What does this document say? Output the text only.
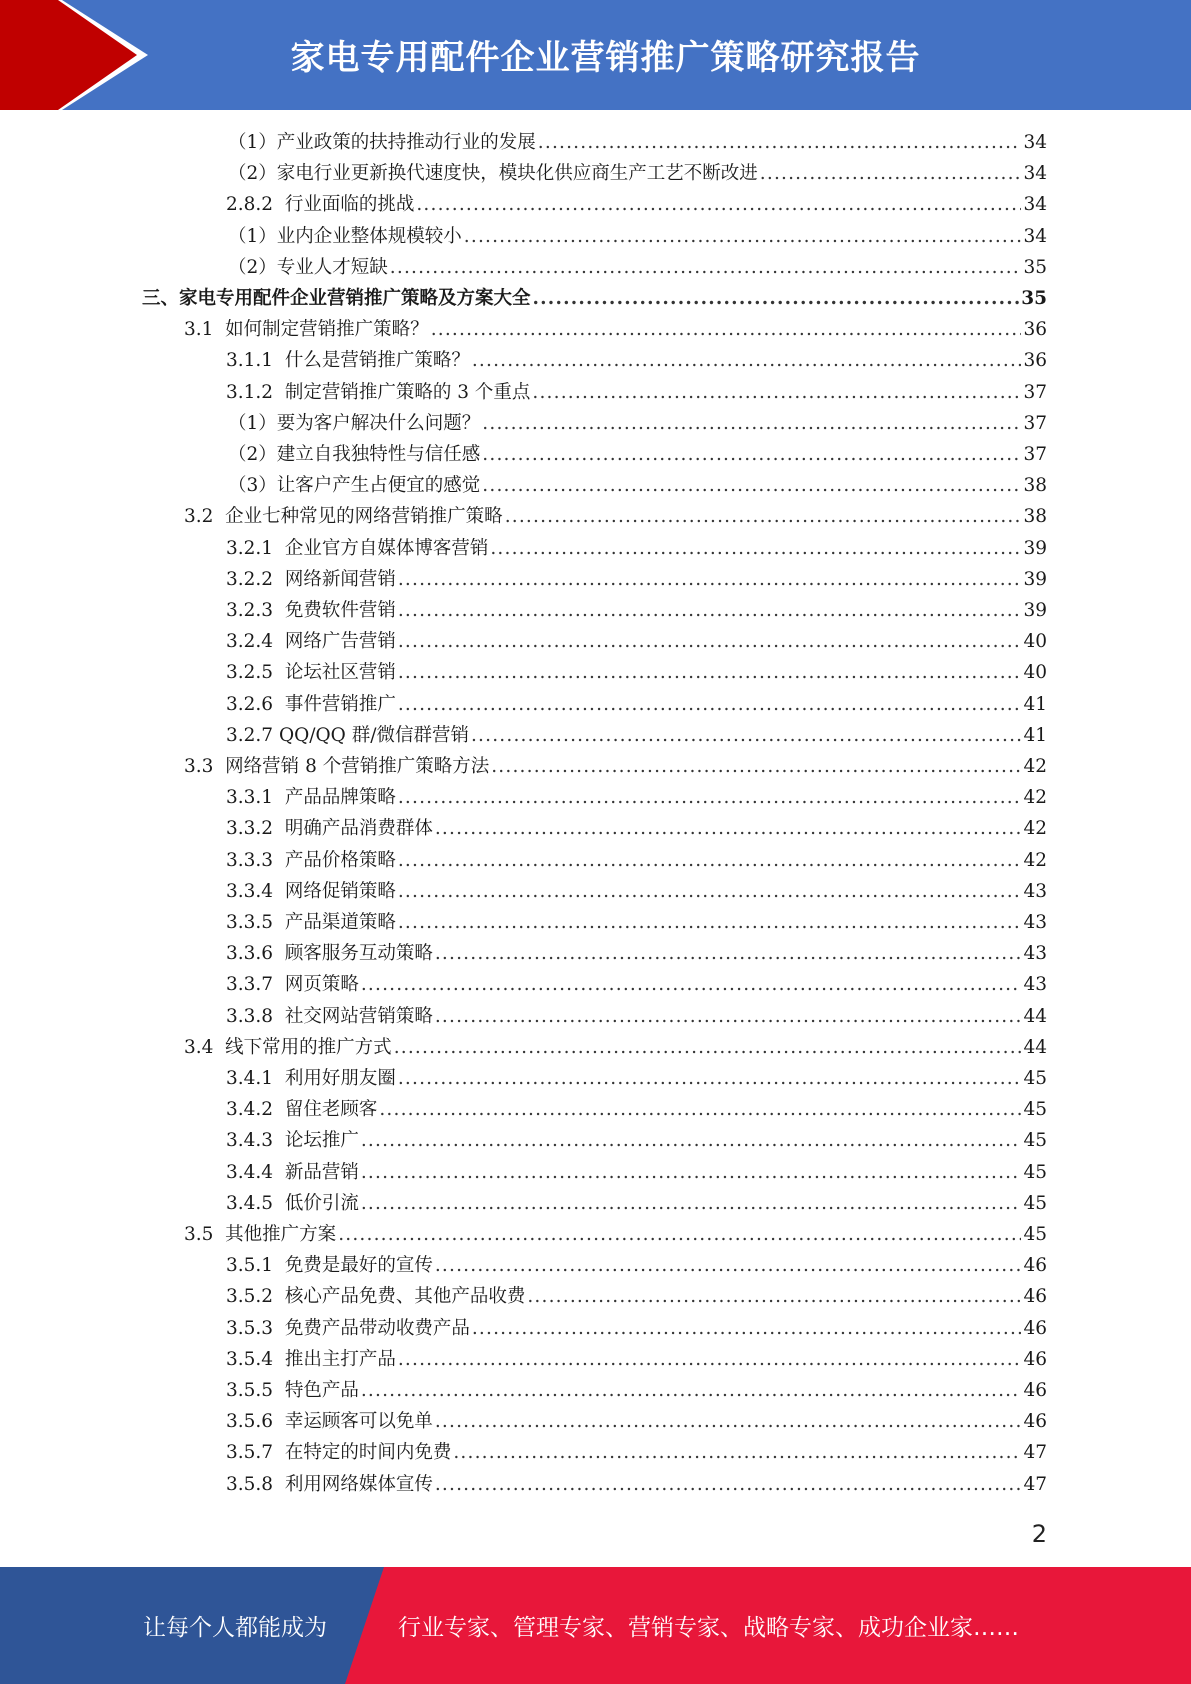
家电专用配件企业营销推广策略研究报告
（1）产业政策的扶持推动行业的发展 .....	34
（2）家电行业更新换代速度快，模块化供应商生产工艺不断改进 .....	34
2.8.2  行业面临的挑战 .....	34
（1）业内企业整体规模较小 .....	34
（2）专业人才短缺 .....	35
三、家电专用配件企业营销推广策略及方案大全 .....	35
3.1  如何制定营销推广策略？ .....	36
3.1.1  什么是营销推广策略？ .....	36
3.1.2  制定营销推广策略的 3 个重点 .....	37
（1）要为客户解决什么问题？ .....	37
（2）建立自我独特性与信任感 .....	37
（3）让客户产生占便宜的感觉 .....	38
3.2  企业七种常见的网络营销推广策略 .....	38
3.2.1  企业官方自媒体博客营销 .....	39
3.2.2  网络新闻营销 .....	39
3.2.3  免费软件营销 .....	39
3.2.4  网络广告营销 .....	40
3.2.5  论坛社区营销 .....	40
3.2.6  事件营销推广 .....	41
3.2.7 QQ/QQ 群/微信群营销 .....	41
3.3  网络营销 8 个营销推广策略方法 .....	42
3.3.1  产品品牌策略 .....	42
3.3.2  明确产品消费群体 .....	42
3.3.3  产品价格策略 .....	42
3.3.4  网络促销策略 .....	43
3.3.5  产品渠道策略 .....	43
3.3.6  顾客服务互动策略 .....	43
3.3.7  网页策略 .....	43
3.3.8  社交网站营销策略 .....	44
3.4  线下常用的推广方式 .....	44
3.4.1  利用好朋友圈 .....	45
3.4.2  留住老顾客 .....	45
3.4.3  论坛推广 .....	45
3.4.4  新品营销 .....	45
3.4.5  低价引流 .....	45
3.5  其他推广方案 .....	45
3.5.1  免费是最好的宣传 .....	46
3.5.2  核心产品免费、其他产品收费 .....	46
3.5.3  免费产品带动收费产品 .....	46
3.5.4  推出主打产品 .....	46
3.5.5  特色产品 .....	46
3.5.6  幸运顾客可以免单 .....	46
3.5.7  在特定的时间内免费 .....	47
3.5.8  利用网络媒体宣传 .....	47
2
让每个人都能成为	行业专家、管理专家、营销专家、战略专家、成功企业家……
